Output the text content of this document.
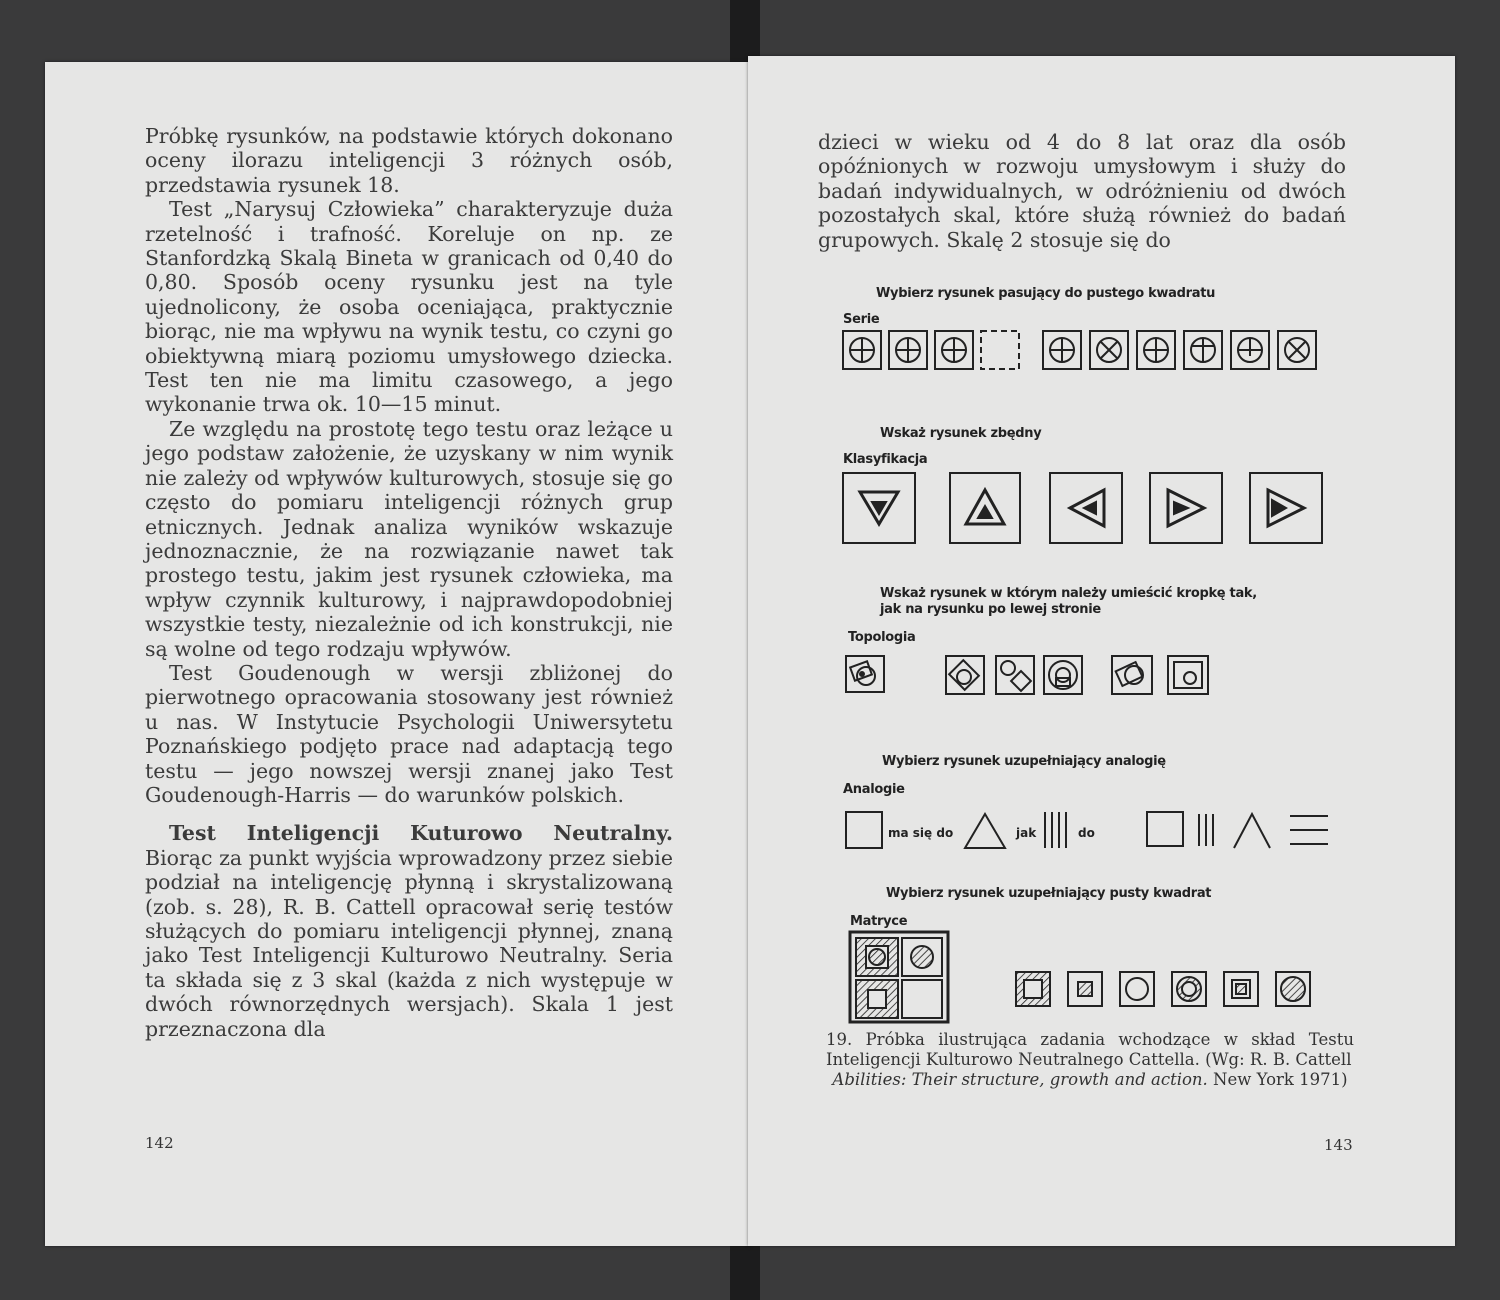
Próbkę rysunków, na podstawie których dokonano oceny ilorazu inteligencji 3 różnych osób, przedstawia rysunek 18.

Test „Narysuj Człowieka” charakteryzuje duża rzetelność i trafność. Koreluje on np. ze Stanfordzką Skalą Bineta w granicach od 0,40 do 0,80. Sposób oceny rysunku jest na tyle ujednolicony, że osoba oceniająca, praktycznie biorąc, nie ma wpływu na wynik testu, co czyni go obiektywną miarą poziomu umysłowego dziecka. Test ten nie ma limitu czasowego, a jego wykonanie trwa ok. 10—15 minut.

Ze względu na prostotę tego testu oraz leżące u jego podstaw założenie, że uzyskany w nim wynik nie zależy od wpływów kulturowych, stosuje się go często do pomiaru inteligencji różnych grup etnicznych. Jednak analiza wyników wskazuje jednoznacznie, że na rozwiązanie nawet tak prostego testu, jakim jest rysunek człowieka, ma wpływ czynnik kulturowy, i najprawdopodobniej wszystkie testy, niezależnie od ich konstrukcji, nie są wolne od tego rodzaju wpływów.

Test Goudenough w wersji zbliżonej do pierwotnego opracowania stosowany jest również u nas. W Instytucie Psychologii Uniwersytetu Poznańskiego podjęto prace nad adaptacją tego testu — jego nowszej wersji znanej jako Test Goudenough-Harris — do warunków polskich.

Test Inteligencji Kuturowo Neutralny. Biorąc za punkt wyjścia wprowadzony przez siebie podział na inteligencję płynną i skrystalizowaną (zob. s. 28), R. B. Cattell opracował serię testów służących do pomiaru inteligencji płynnej, znaną jako Test Inteligencji Kulturowo Neutralny. Seria ta składa się z 3 skal (każda z nich występuje w dwóch równorzędnych wersjach). Skala 1 jest przeznaczona dla

142
dzieci w wieku od 4 do 8 lat oraz dla osób opóźnionych w rozwoju umysłowym i służy do badań indywidualnych, w odróżnieniu od dwóch pozostałych skal, które służą również do badań grupowych. Skalę 2 stosuje się do
Wybierz rysunek pasujący do pustego kwadratu
Serie
Wskaż rysunek zbędny
Klasyfikacja
Wskaż rysunek w którym należy umieścić kropkę tak,
jak na rysunku po lewej stronie
Topologia
Wybierz rysunek uzupełniający analogię
Analogie
ma się do	jak	do
Wybierz rysunek uzupełniający pusty kwadrat
Matryce
19. Próbka ilustrująca zadania wchodzące w skład Testu Inteligencji Kulturowo Neutralnego Cattella. (Wg: R. B. Cattell
Abilities: Their structure, growth and action. New York 1971)
143
